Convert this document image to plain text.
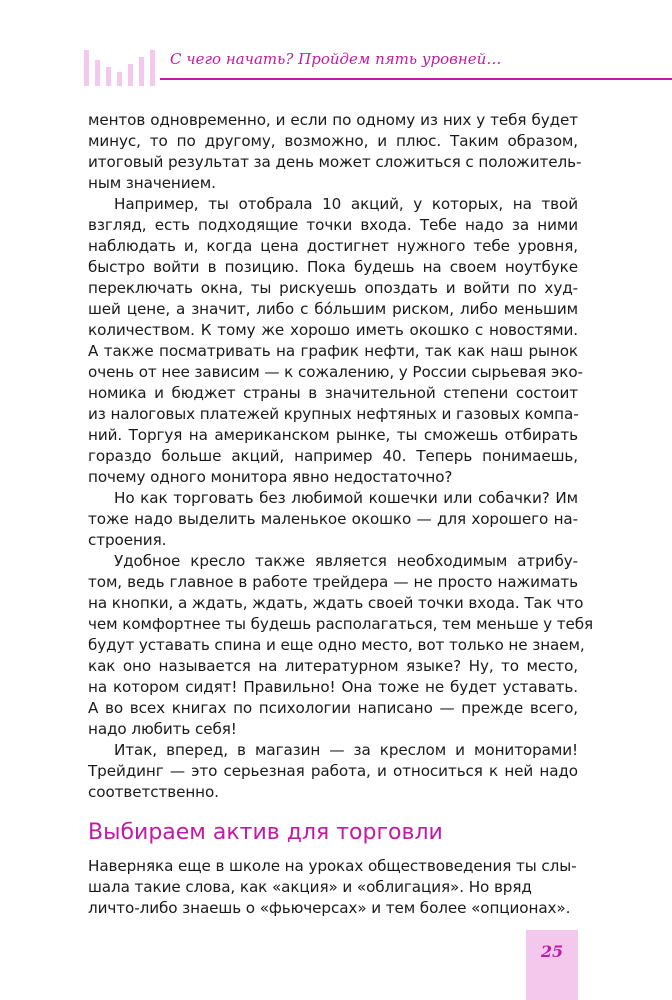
С чего начать? Пройдем пять уровней…
ментов одновременно, и если по одному из них у тебя будет
минус, то по другому, возможно, и плюс. Таким образом,
итоговый результат за день может сложиться с положитель-
ным значением.
Например, ты отобрала 10 акций, у которых, на твой
взгляд, есть подходящие точки входа. Тебе надо за ними
наблюдать и, когда цена достигнет нужного тебе уровня,
быстро войти в позицию. Пока будешь на своем ноутбуке
переключать окна, ты рискуешь опоздать и войти по худ-
шей цене, а значит, либо с бóльшим риском, либо меньшим
количеством. К тому же хорошо иметь окошко с новостями.
А также посматривать на график нефти, так как наш рынок
очень от нее зависим — к сожалению, у России сырьевая эко-
номика и бюджет страны в значительной степени состоит
из налоговых платежей крупных нефтяных и газовых компа-
ний. Торгуя на американском рынке, ты сможешь отбирать
гораздо больше акций, например 40. Теперь понимаешь,
почему одного монитора явно недостаточно?
Но как торговать без любимой кошечки или собачки? Им
тоже надо выделить маленькое окошко — для хорошего на-
строения.
Удобное кресло также является необходимым атрибу-
том, ведь главное в работе трейдера — не просто нажимать
на кнопки, а ждать, ждать, ждать своей точки входа. Так что
чем комфортнее ты будешь располагаться, тем меньше у тебя
будут уставать спина и еще одно место, вот только не знаем,
как оно называется на литературном языке? Ну, то место,
на котором сидят! Правильно! Она тоже не будет уставать.
А во всех книгах по психологии написано — прежде всего,
надо любить себя!
Итак, вперед, в магазин — за креслом и мониторами!
Трейдинг — это серьезная работа, и относиться к ней надо
соответственно.
Выбираем актив для торговли
Наверняка еще в школе на уроках обществоведения ты слы-шала такие слова, как «акция» и «облигация». Но вряд личто-либо знаешь о «фьючерсах» и тем более «опционах».
25
